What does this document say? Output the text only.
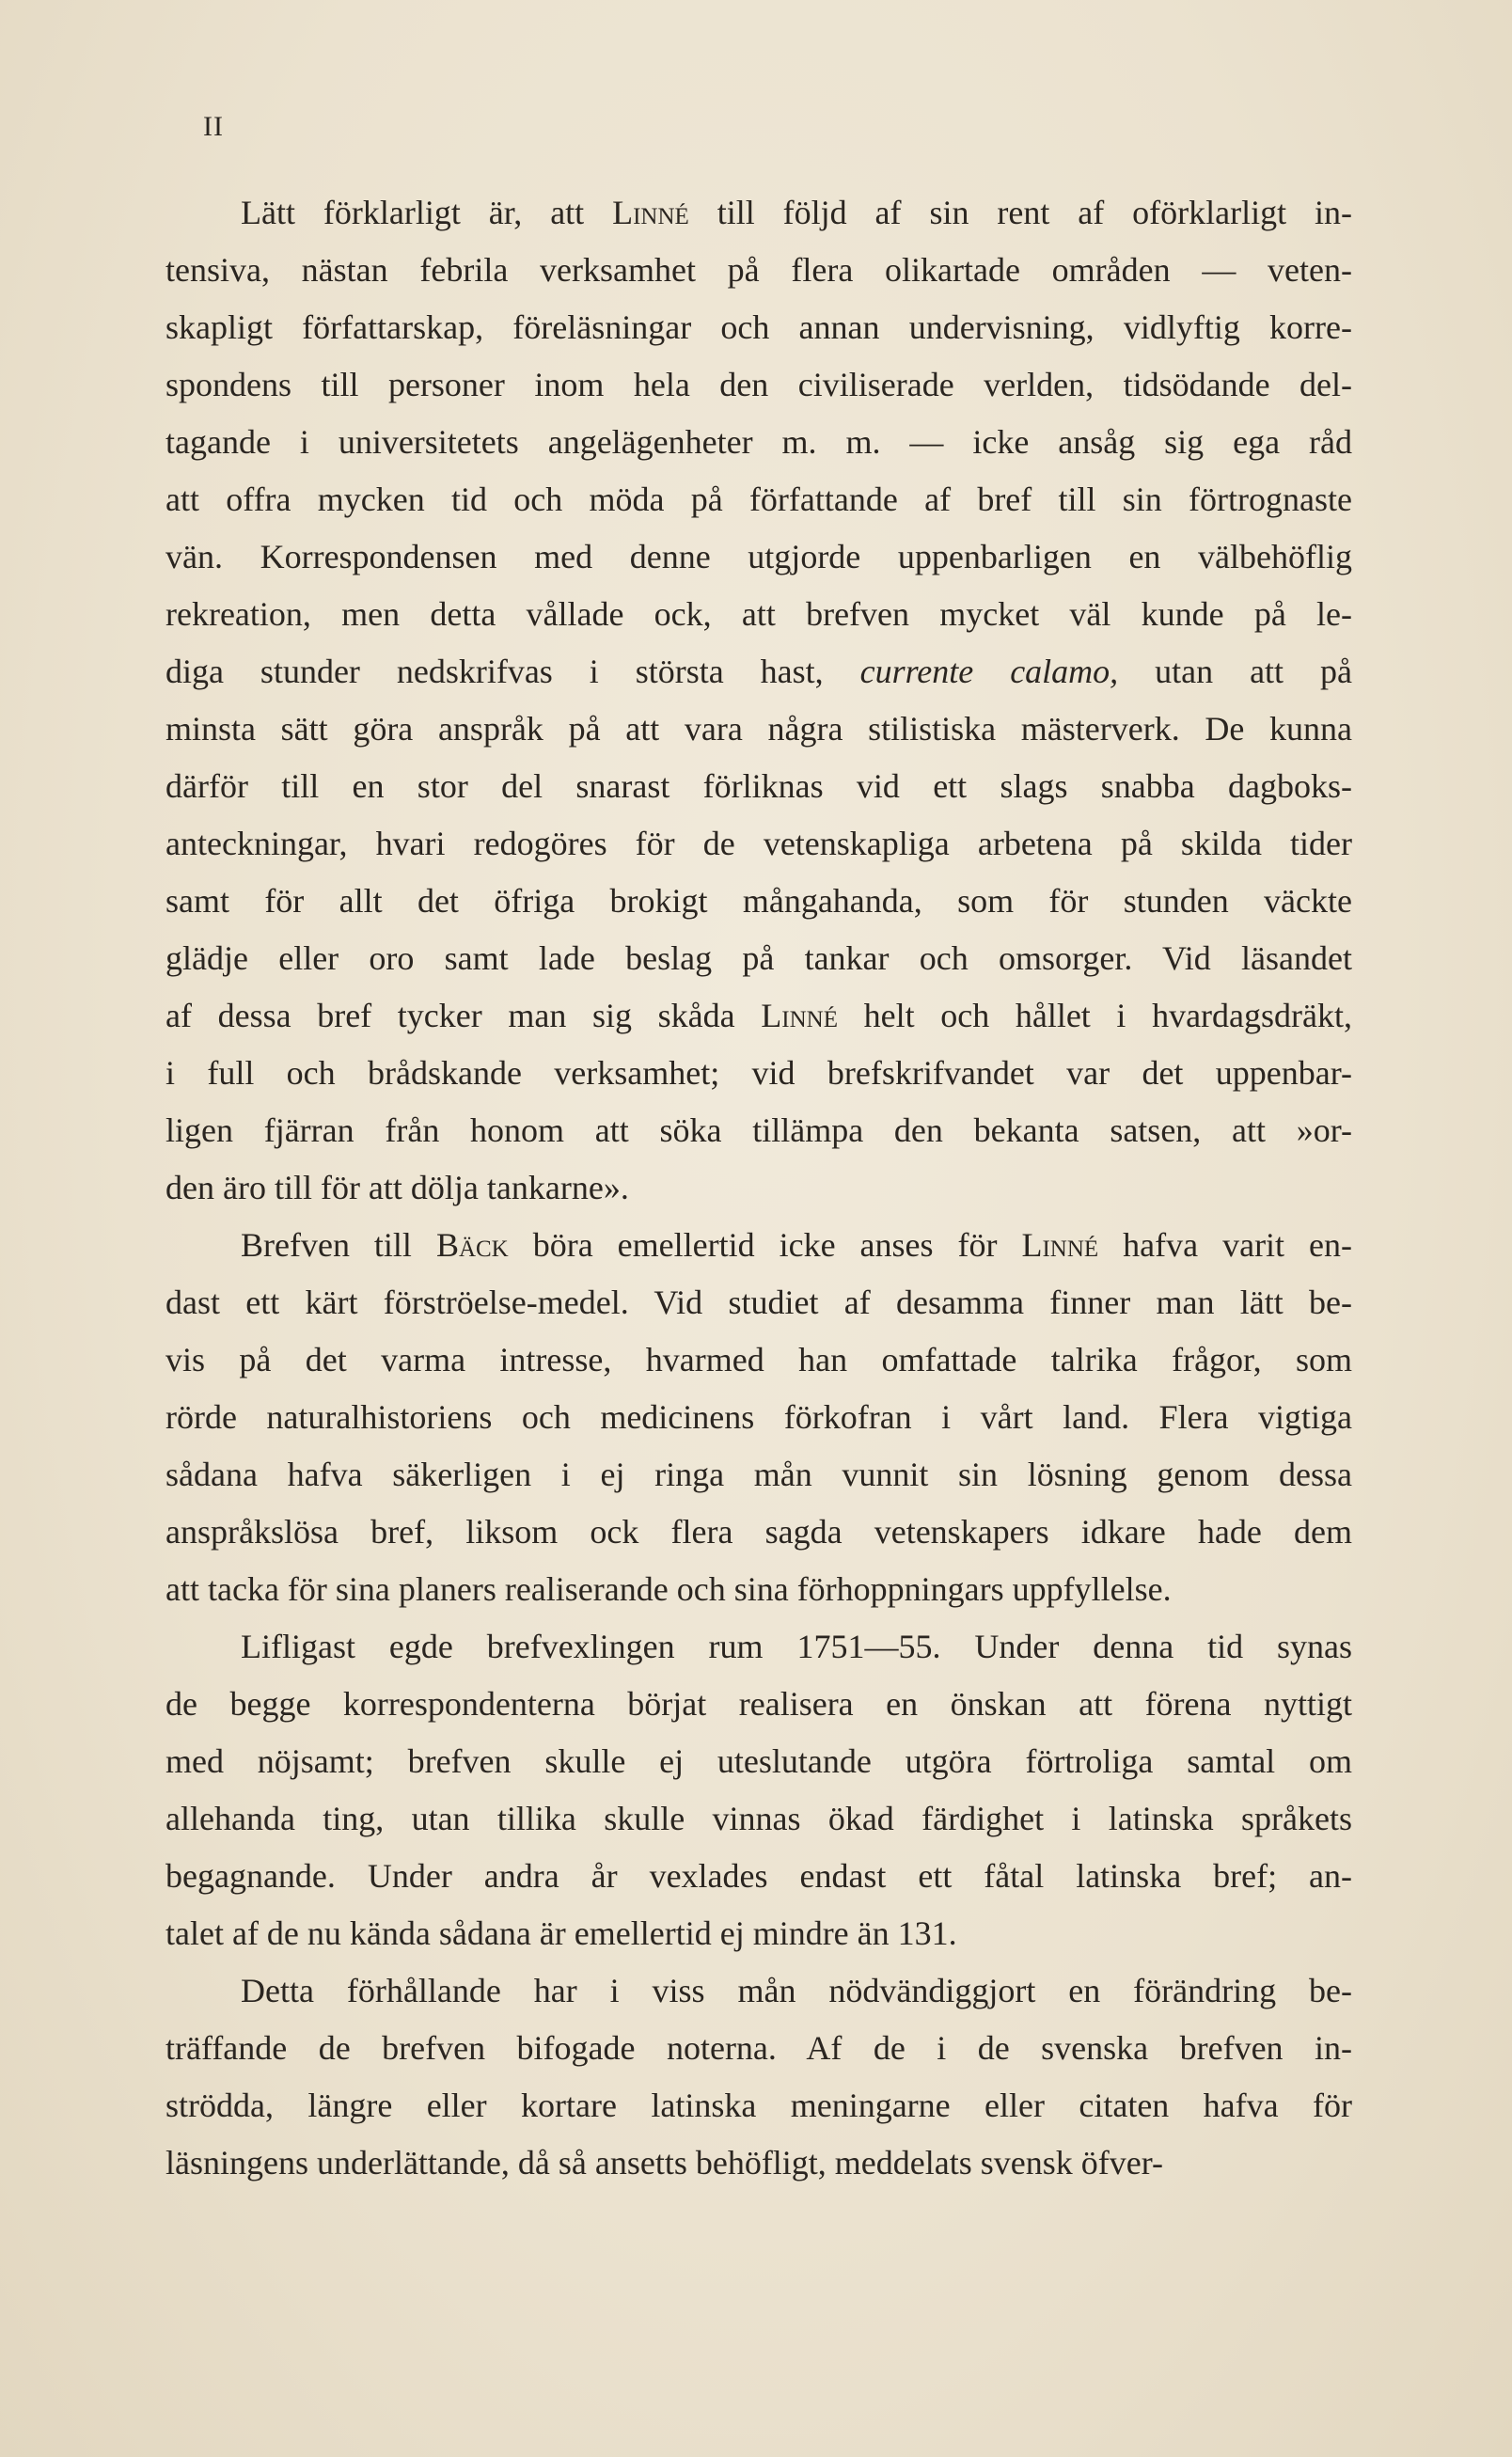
II
Lätt förklarligt är, att Linné till följd af sin rent af oförklarligt in-
tensiva, nästan febrila verksamhet på flera olikartade områden — veten-
skapligt författarskap, föreläsningar och annan undervisning, vidlyftig korre-
spondens till personer inom hela den civiliserade verlden, tidsödande del-
tagande i universitetets angelägenheter m. m. — icke ansåg sig ega råd
att offra mycken tid och möda på författande af bref till sin förtrognaste
vän. Korrespondensen med denne utgjorde uppenbarligen en välbehöflig
rekreation, men detta vållade ock, att brefven mycket väl kunde på le-
diga stunder nedskrifvas i största hast, currente calamo, utan att på
minsta sätt göra anspråk på att vara några stilistiska mästerverk. De kunna
därför till en stor del snarast förliknas vid ett slags snabba dagboks-
anteckningar, hvari redogöres för de vetenskapliga arbetena på skilda tider
samt för allt det öfriga brokigt mångahanda, som för stunden väckte
glädje eller oro samt lade beslag på tankar och omsorger. Vid läsandet
af dessa bref tycker man sig skåda Linné helt och hållet i hvardagsdräkt,
i full och brådskande verksamhet; vid brefskrifvandet var det uppenbar-
ligen fjärran från honom att söka tillämpa den bekanta satsen, att »or-
den äro till för att dölja tankarne».
Brefven till Bäck böra emellertid icke anses för Linné hafva varit en-
dast ett kärt förströelse-medel. Vid studiet af desamma finner man lätt be-
vis på det varma intresse, hvarmed han omfattade talrika frågor, som
rörde naturalhistoriens och medicinens förkofran i vårt land. Flera vigtiga
sådana hafva säkerligen i ej ringa mån vunnit sin lösning genom dessa
anspråkslösa bref, liksom ock flera sagda vetenskapers idkare hade dem
att tacka för sina planers realiserande och sina förhoppningars uppfyllelse.
Lifligast egde brefvexlingen rum 1751—55. Under denna tid synas
de begge korrespondenterna börjat realisera en önskan att förena nyttigt
med nöjsamt; brefven skulle ej uteslutande utgöra förtroliga samtal om
allehanda ting, utan tillika skulle vinnas ökad färdighet i latinska språkets
begagnande. Under andra år vexlades endast ett fåtal latinska bref; an-
talet af de nu kända sådana är emellertid ej mindre än 131.
Detta förhållande har i viss mån nödvändiggjort en förändring be-
träffande de brefven bifogade noterna. Af de i de svenska brefven in-
strödda, längre eller kortare latinska meningarne eller citaten hafva för
läsningens underlättande, då så ansetts behöfligt, meddelats svensk öfver-
